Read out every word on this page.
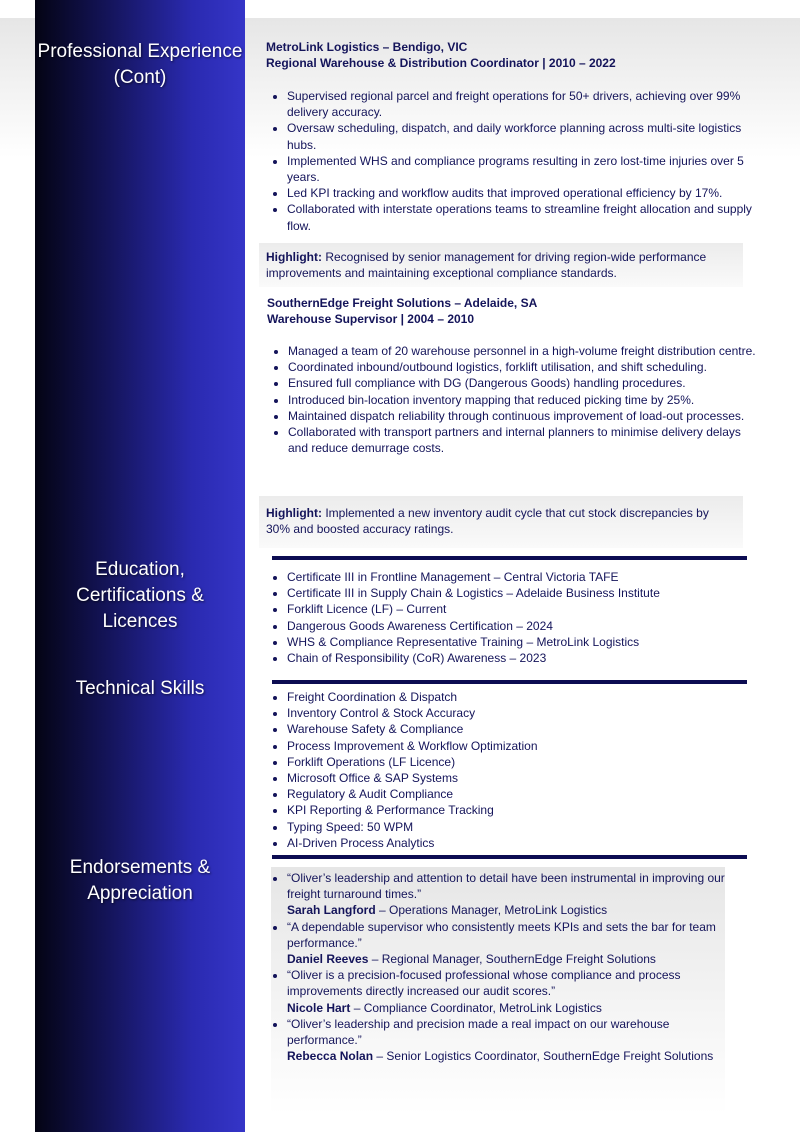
Professional Experience (Cont)
Education, Certifications & Licences
Technical Skills
Endorsements & Appreciation
MetroLink Logistics – Bendigo, VIC
Regional Warehouse & Distribution Coordinator | 2010 – 2022
Supervised regional parcel and freight operations for 50+ drivers, achieving over 99% delivery accuracy.
Oversaw scheduling, dispatch, and daily workforce planning across multi-site logistics hubs.
Implemented WHS and compliance programs resulting in zero lost-time injuries over 5 years.
Led KPI tracking and workflow audits that improved operational efficiency by 17%.
Collaborated with interstate operations teams to streamline freight allocation and supply flow.
Highlight: Recognised by senior management for driving region-wide performance improvements and maintaining exceptional compliance standards.
SouthernEdge Freight Solutions – Adelaide, SA
Warehouse Supervisor | 2004 – 2010
Managed a team of 20 warehouse personnel in a high-volume freight distribution centre.
Coordinated inbound/outbound logistics, forklift utilisation, and shift scheduling.
Ensured full compliance with DG (Dangerous Goods) handling procedures.
Introduced bin-location inventory mapping that reduced picking time by 25%.
Maintained dispatch reliability through continuous improvement of load-out processes.
Collaborated with transport partners and internal planners to minimise delivery delays and reduce demurrage costs.
Highlight: Implemented a new inventory audit cycle that cut stock discrepancies by 30% and boosted accuracy ratings.
Certificate III in Frontline Management – Central Victoria TAFE
Certificate III in Supply Chain & Logistics – Adelaide Business Institute
Forklift Licence (LF) – Current
Dangerous Goods Awareness Certification – 2024
WHS & Compliance Representative Training – MetroLink Logistics
Chain of Responsibility (CoR) Awareness – 2023
Freight Coordination & Dispatch
Inventory Control & Stock Accuracy
Warehouse Safety & Compliance
Process Improvement & Workflow Optimization
Forklift Operations (LF Licence)
Microsoft Office & SAP Systems
Regulatory & Audit Compliance
KPI Reporting & Performance Tracking
Typing Speed: 50 WPM
AI-Driven Process Analytics
“Oliver’s leadership and attention to detail have been instrumental in improving our freight turnaround times.”
Sarah Langford – Operations Manager, MetroLink Logistics
“A dependable supervisor who consistently meets KPIs and sets the bar for team performance.”
Daniel Reeves – Regional Manager, SouthernEdge Freight Solutions
“Oliver is a precision-focused professional whose compliance and process improvements directly increased our audit scores.”
Nicole Hart – Compliance Coordinator, MetroLink Logistics
“Oliver’s leadership and precision made a real impact on our warehouse performance.”
Rebecca Nolan – Senior Logistics Coordinator, SouthernEdge Freight Solutions
